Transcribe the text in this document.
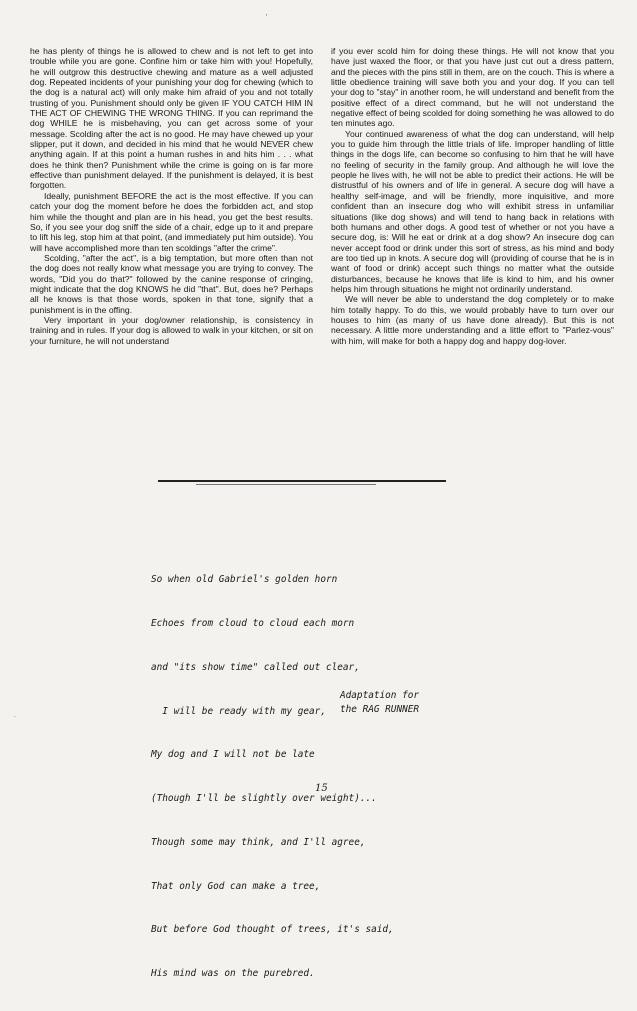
'
.

he has plenty of things he is allowed to chew and is not left to get into trouble while you are gone. Confine him or take him with you! Hopefully, he will outgrow this destructive chewing and mature as a well adjusted dog. Repeated incidents of your punishing your dog for chewing (which to the dog is a natural act) will only make him afraid of you and not totally trusting of you. Punishment should only be given IF YOU CATCH HIM IN THE ACT OF CHEWING THE WRONG THING. If you can reprimand the dog WHILE he is misbehaving, you can get across some of your message. Scolding after the act is no good. He may have chewed up your slipper, put it down, and decided in his mind that he would NEVER chew anything again. If at this point a human rushes in and hits him . . . what does he think then? Punishment while the crime is going on is far more effective than punishment delayed. If the punishment is delayed, it is best forgotten.

Ideally, punishment BEFORE the act is the most effective. If you can catch your dog the moment before he does the forbidden act, and stop him while the thought and plan are in his head, you get the best results. So, if you see your dog sniff the side of a chair, edge up to it and prepare to lift his leg, stop him at that point, (and immediately put him outside). You will have accomplished more than ten scoldings "after the crime".

Scolding, "after the act", is a big temptation, but more often than not the dog does not really know what message you are trying to convey. The words, "Did you do that?" followed by the canine response of cringing, might indicate that the dog KNOWS he did "that". But, does he? Perhaps all he knows is that those words, spoken in that tone, signify that a punishment is in the offing.

Very important in your dog/owner relationship, is consistency in training and in rules. If your dog is allowed to walk in your kitchen, or sit on your furniture, he will not understand

if you ever scold him for doing these things. He will not know that you have just waxed the floor, or that you have just cut out a dress pattern, and the pieces with the pins still in them, are on the couch. This is where a little obedience training will save both you and your dog. If you can tell your dog to "stay" in another room, he will understand and benefit from the positive effect of a direct command, but he will not understand the negative effect of being scolded for doing something he was allowed to do ten minutes ago.

Your continued awareness of what the dog can understand, will help you to guide him through the little trials of life. Improper handling of little things in the dogs life, can become so confusing to him that he will have no feeling of security in the family group. And although he will love the people he lives with, he will not be able to predict their actions. He will be distrustful of his owners and of life in general. A secure dog will have a healthy self-image, and will be friendly, more inquisitive, and more confident than an insecure dog who will exhibit stress in unfamiliar situations (like dog shows) and will tend to hang back in relations with both humans and other dogs. A good test of whether or not you have a secure dog, is: Will he eat or drink at a dog show? An insecure dog can never accept food or drink under this sort of stress, as his mind and body are too tied up in knots. A secure dog will (providing of course that he is in want of food or drink) accept such things no matter what the outside disturbances, because he knows that life is kind to him, and his owner helps him through situations he might not ordinarily understand.

We will never be able to understand the dog completely or to make him totally happy. To do this, we would probably have to turn over our houses to him (as many of us have done already). But this is not necessary. A little more understanding and a little effort to "Parlez-vous" with him, will make for both a happy dog and happy dog-lover.

So when old Gabriel's golden horn

Echoes from cloud to cloud each morn

and "its show time" called out clear,

I will be ready with my gear,

My dog and I will not be late

(Though I'll be slightly over weight)...

Though some may think, and I'll agree,

That only God can make a tree,

But before God thought of trees, it's said,

His mind was on the purebred.

Adaptation for
the RAG RUNNER
15
